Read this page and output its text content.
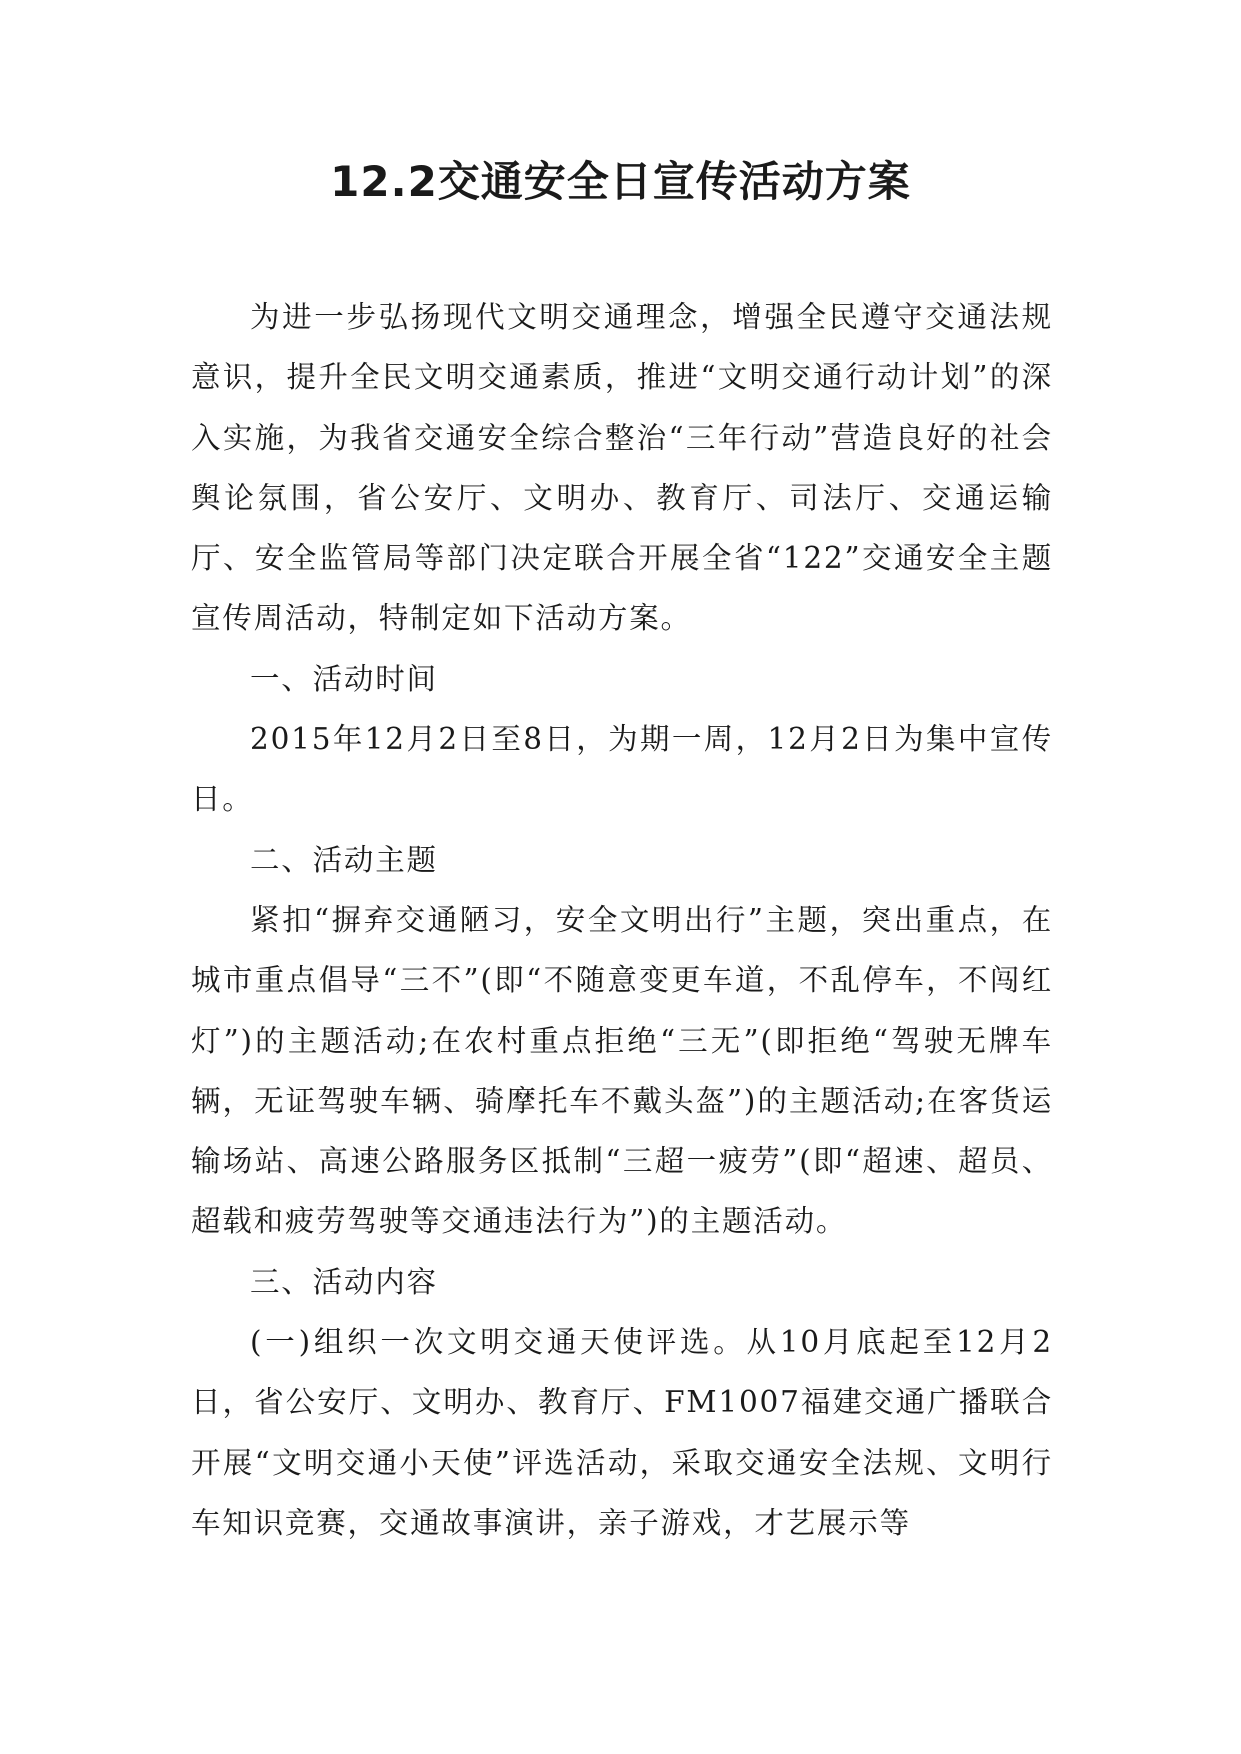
12.2交通安全日宣传活动方案

为进一步弘扬现代文明交通理念，增强全民遵守交通法规意识，提升全民文明交通素质，推进“文明交通行动计划”的深入实施，为我省交通安全综合整治“三年行动”营造良好的社会舆论氛围，省公安厅、文明办、教育厅、司法厅、交通运输厅、安全监管局等部门决定联合开展全省“122”交通安全主题宣传周活动，特制定如下活动方案。

一、活动时间

2015年12月2日至8日，为期一周，12月2日为集中宣传日。

二、活动主题

紧扣“摒弃交通陋习，安全文明出行”主题，突出重点，在城市重点倡导“三不”(即“不随意变更车道，不乱停车，不闯红灯”)的主题活动;在农村重点拒绝“三无”(即拒绝“驾驶无牌车辆，无证驾驶车辆、骑摩托车不戴头盔”)的主题活动;在客货运输场站、高速公路服务区抵制“三超一疲劳”(即“超速、超员、超载和疲劳驾驶等交通违法行为”)的主题活动。

三、活动内容

(一)组织一次文明交通天使评选。从10月底起至12月2日，省公安厅、文明办、教育厅、FM1007福建交通广播联合开展“文明交通小天使”评选活动，采取交通安全法规、文明行车知识竞赛，交通故事演讲，亲子游戏，才艺展示等
